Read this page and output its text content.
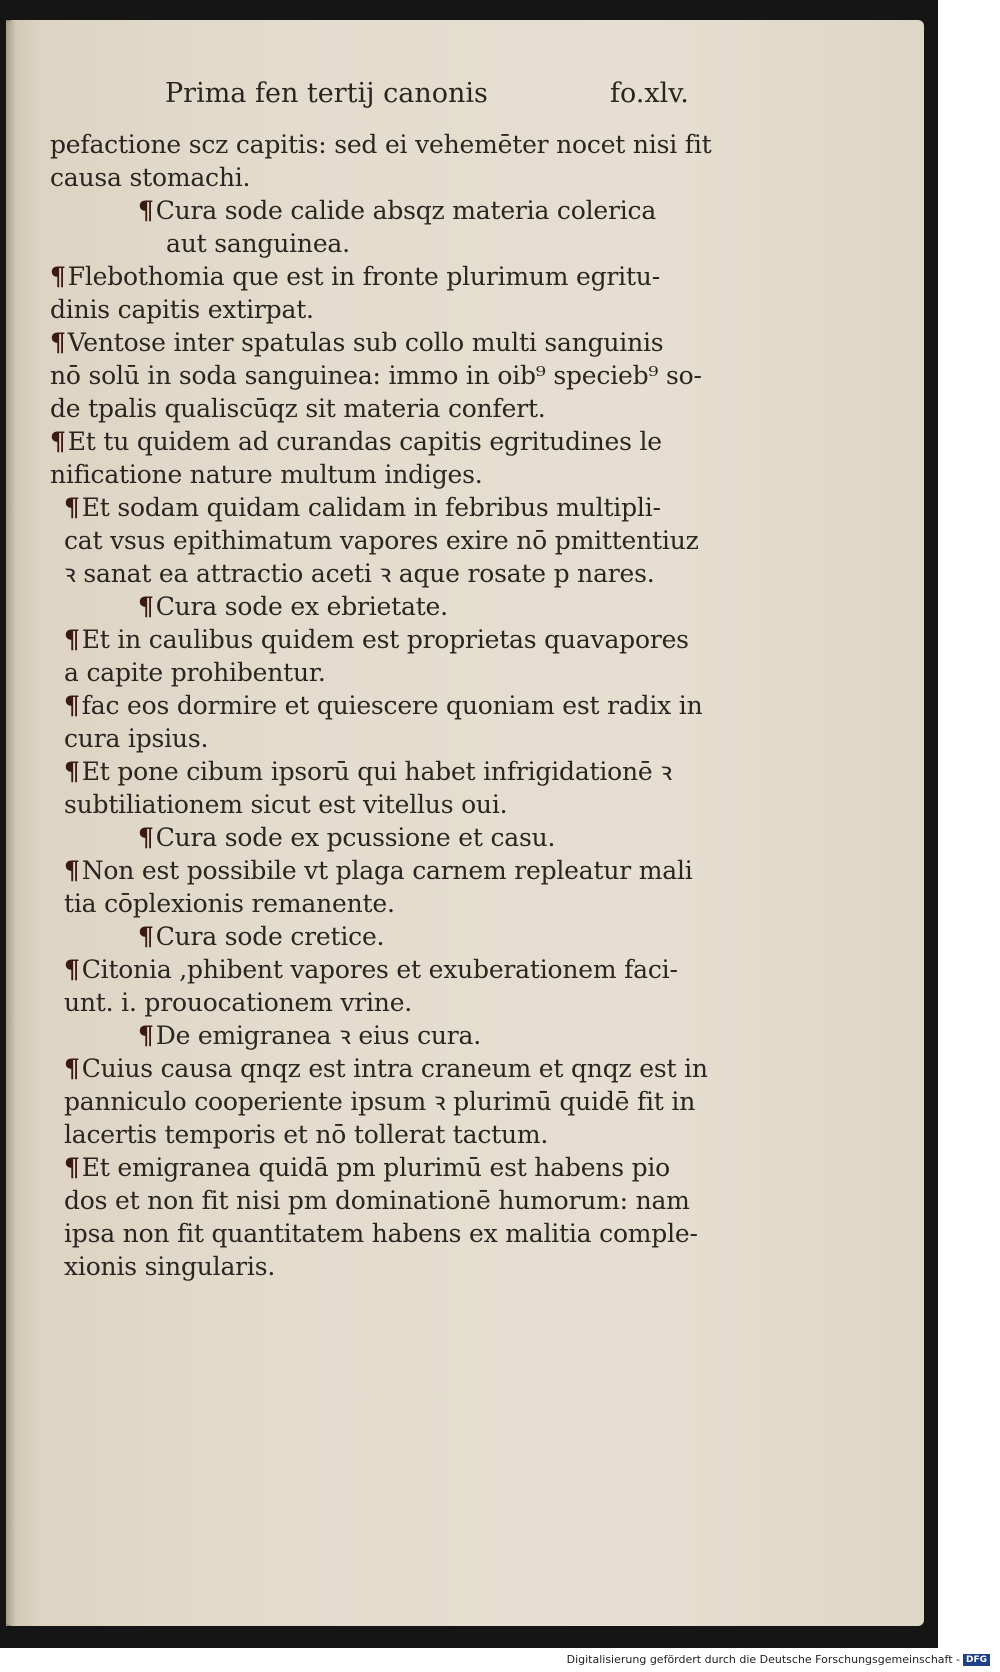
Prima fen tertij canonis	fo.xlv.
pefactione scz capitis: sed ei vehemēter nocet nisi fit
causa stomachi.
¶Cura sode calide absqz materia colerica
aut sanguinea.
¶Flebothomia que est in fronte plurimum egritu-
dinis capitis extirpat.
¶Ventose inter spatulas sub collo multi sanguinis
nō solū in soda sanguinea: immo in oib⁹ specieb⁹ so-
de tpalis qualiscūqz sit materia confert.
¶Et tu quidem ad curandas capitis egritudines le
nificatione nature multum indiges.
¶Et sodam quidam calidam in febribus multipli-
cat vsus epithimatum vapores exire nō pmittentiuz
ꝛ sanat ea attractio aceti ꝛ aque rosate p nares.
¶Cura sode ex ebrietate.
¶Et in caulibus quidem est proprietas quavapores
a capite prohibentur.
¶fac eos dormire et quiescere quoniam est radix in
cura ipsius.
¶Et pone cibum ipsorū qui habet infrigidationē ꝛ
subtiliationem sicut est vitellus oui.
¶Cura sode ex pcussione et casu.
¶Non est possibile vt plaga carnem repleatur mali
tia cōplexionis remanente.
¶Cura sode cretice.
¶Citonia ,phibent vapores et exuberationem faci-
unt. i. prouocationem vrine.
¶De emigranea ꝛ eius cura.
¶Cuius causa qnqz est intra craneum et qnqz est in
panniculo cooperiente ipsum ꝛ plurimū quidē fit in
lacertis temporis et nō tollerat tactum.
¶Et emigranea quidā pm plurimū est habens pio
dos et non fit nisi pm dominationē humorum: nam
ipsa non fit quantitatem habens ex malitia comple-
xionis singularis.
Digitalisierung gefördert durch die Deutsche Forschungsgemeinschaft - DFG
